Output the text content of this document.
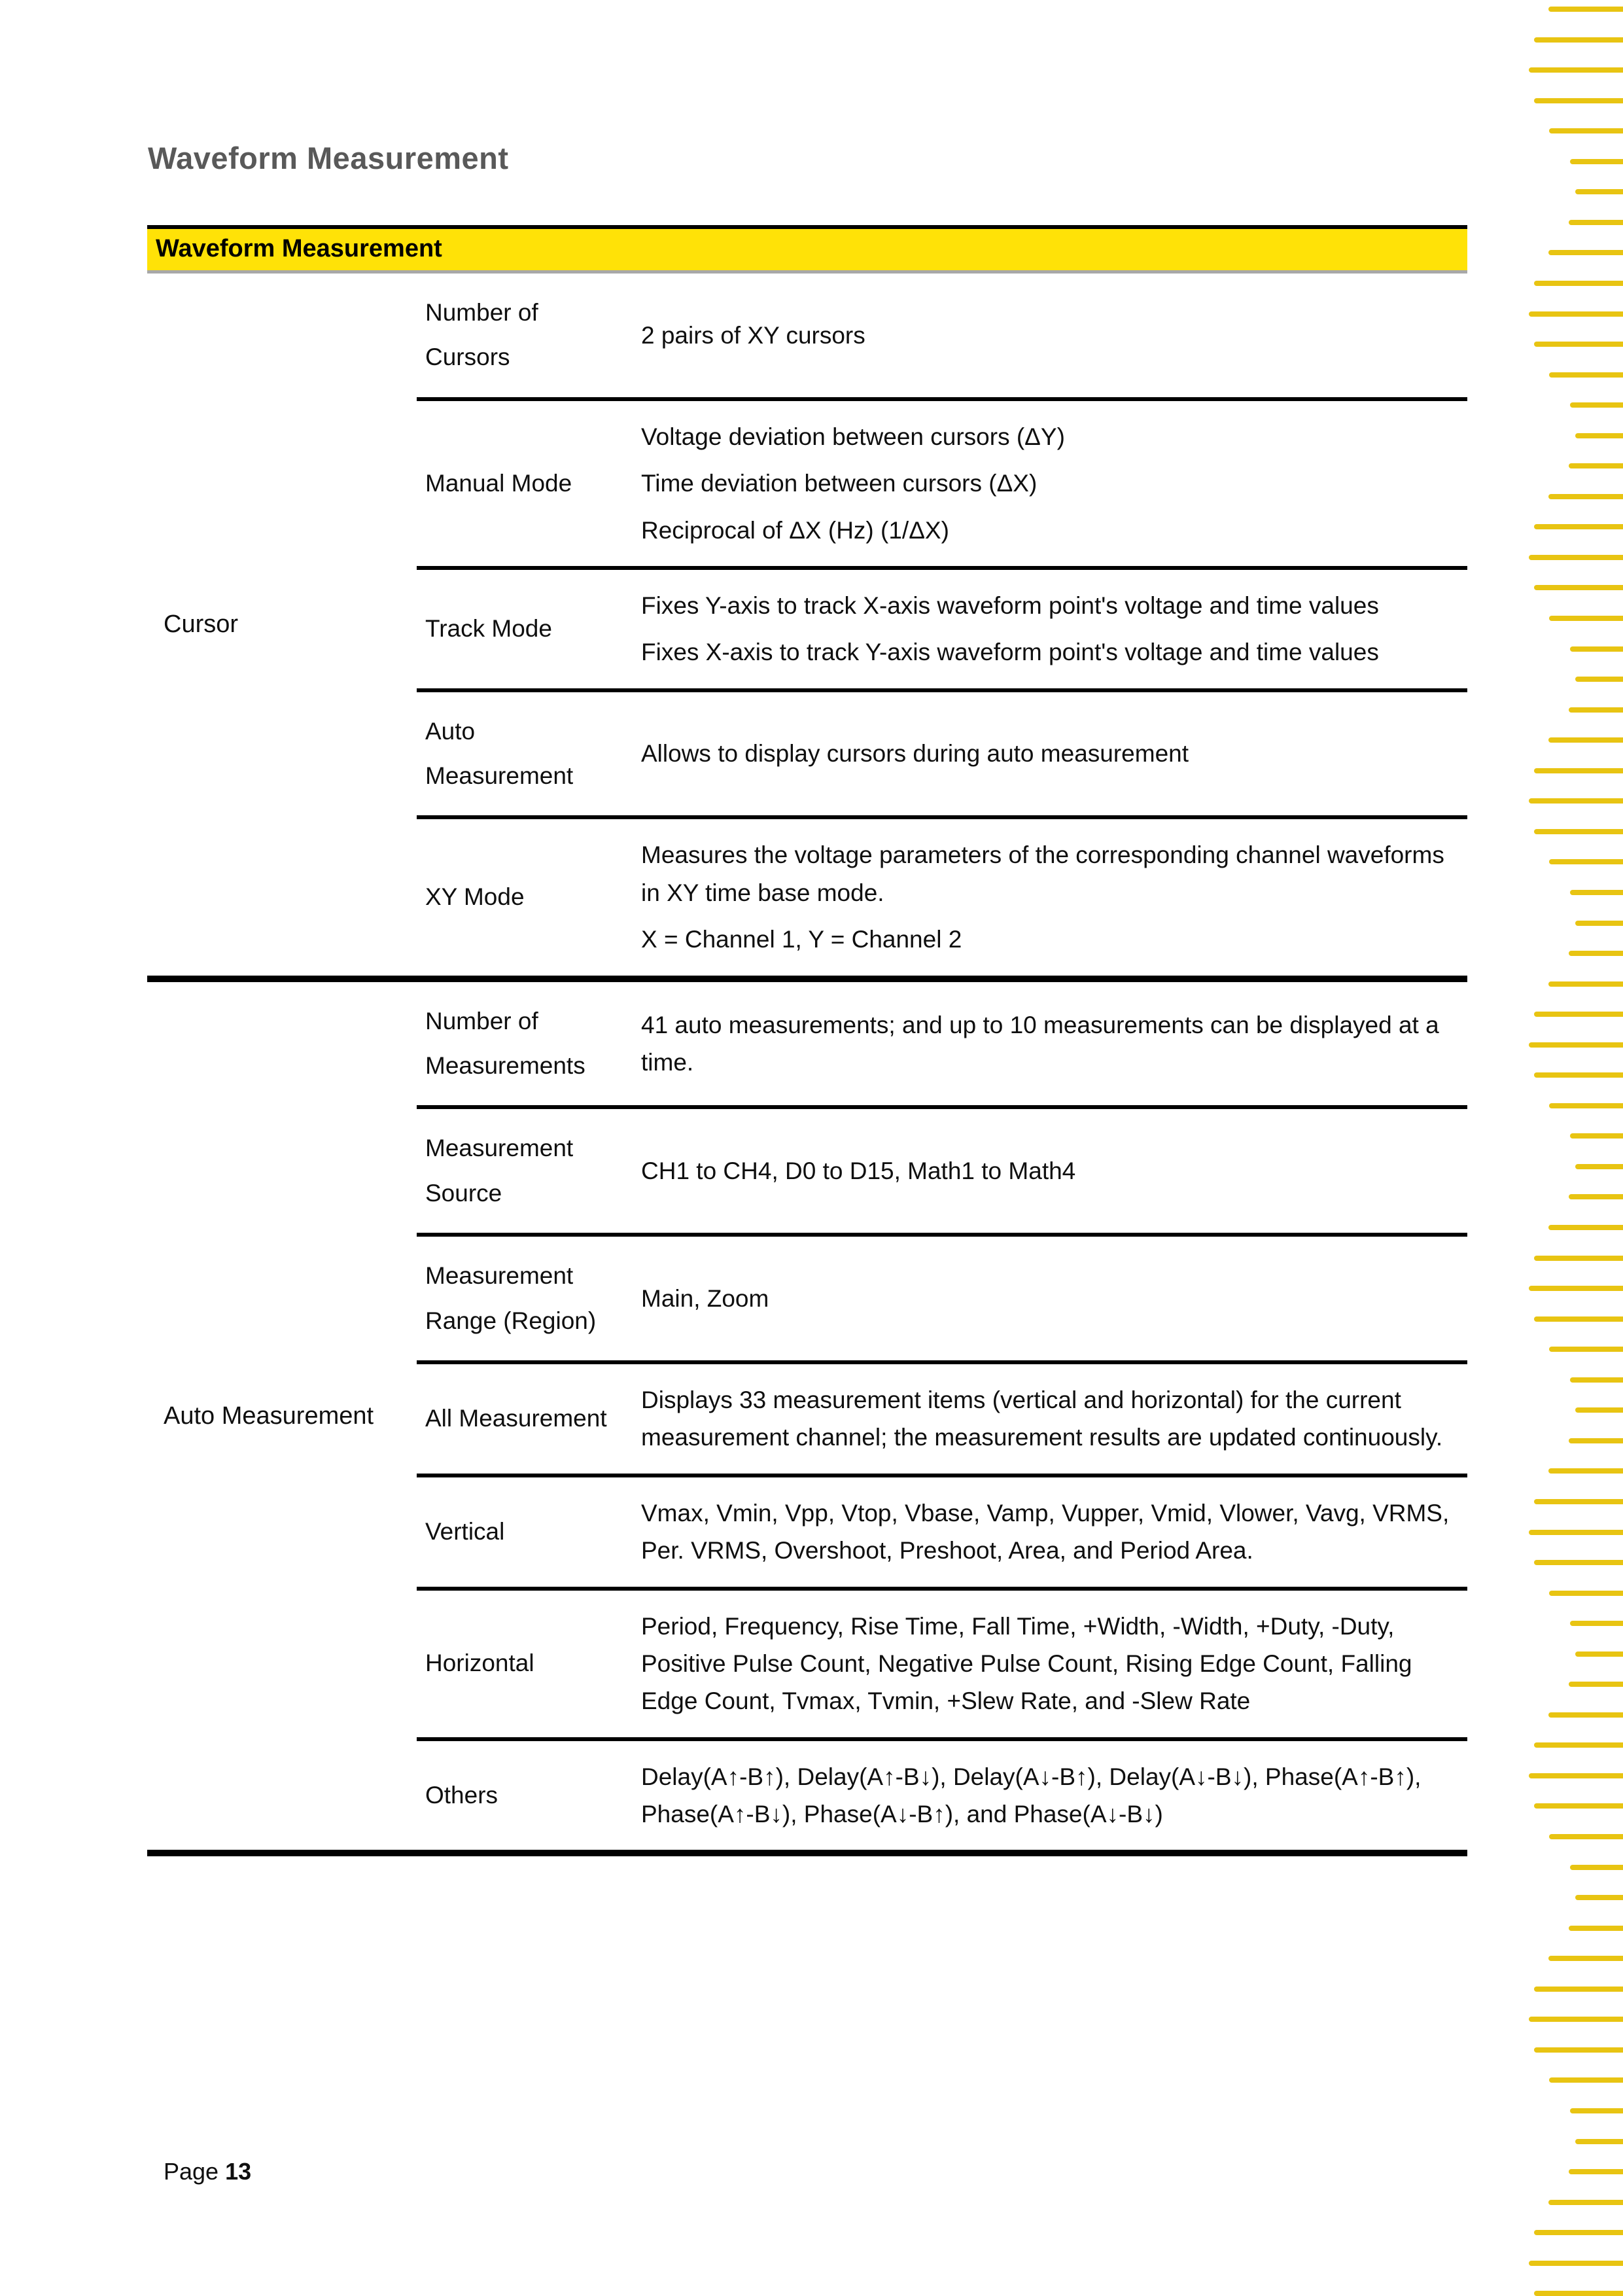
Waveform Measurement
Waveform Measurement
Cursor
Number of Cursors

2 pairs of XY cursors

Manual Mode

Voltage deviation between cursors (ΔY)

Time deviation between cursors (ΔX)

Reciprocal of ΔX (Hz) (1/ΔX)

Track Mode

Fixes Y-axis to track X-axis waveform point's voltage and time values

Fixes X-axis to track Y-axis waveform point's voltage and time values

Auto Measurement

Allows to display cursors during auto measurement

XY Mode

Measures the voltage parameters of the corresponding channel waveforms in XY time base mode.

X = Channel 1, Y = Channel 2

Auto Measurement
Number of Measurements

41 auto measurements; and up to 10 measurements can be displayed at a time.

Measurement Source

CH1 to CH4, D0 to D15, Math1 to Math4

Measurement Range (Region)

Main, Zoom

All Measurement

Displays 33 measurement items (vertical and horizontal) for the current measurement channel; the measurement results are updated continuously.

Vertical

Vmax, Vmin, Vpp, Vtop, Vbase, Vamp, Vupper, Vmid, Vlower, Vavg, VRMS, Per. VRMS, Overshoot, Preshoot, Area, and Period Area.

Horizontal

Period, Frequency, Rise Time, Fall Time, +Width, -Width, +Duty, -Duty, Positive Pulse Count, Negative Pulse Count, Rising Edge Count, Falling Edge Count, Tvmax, Tvmin, +Slew Rate, and -Slew Rate

Others

Delay(A↑-B↑), Delay(A↑-B↓), Delay(A↓-B↑), Delay(A↓-B↓), Phase(A↑-B↑), Phase(A↑-B↓), Phase(A↓-B↑), and Phase(A↓-B↓)

Page 13
